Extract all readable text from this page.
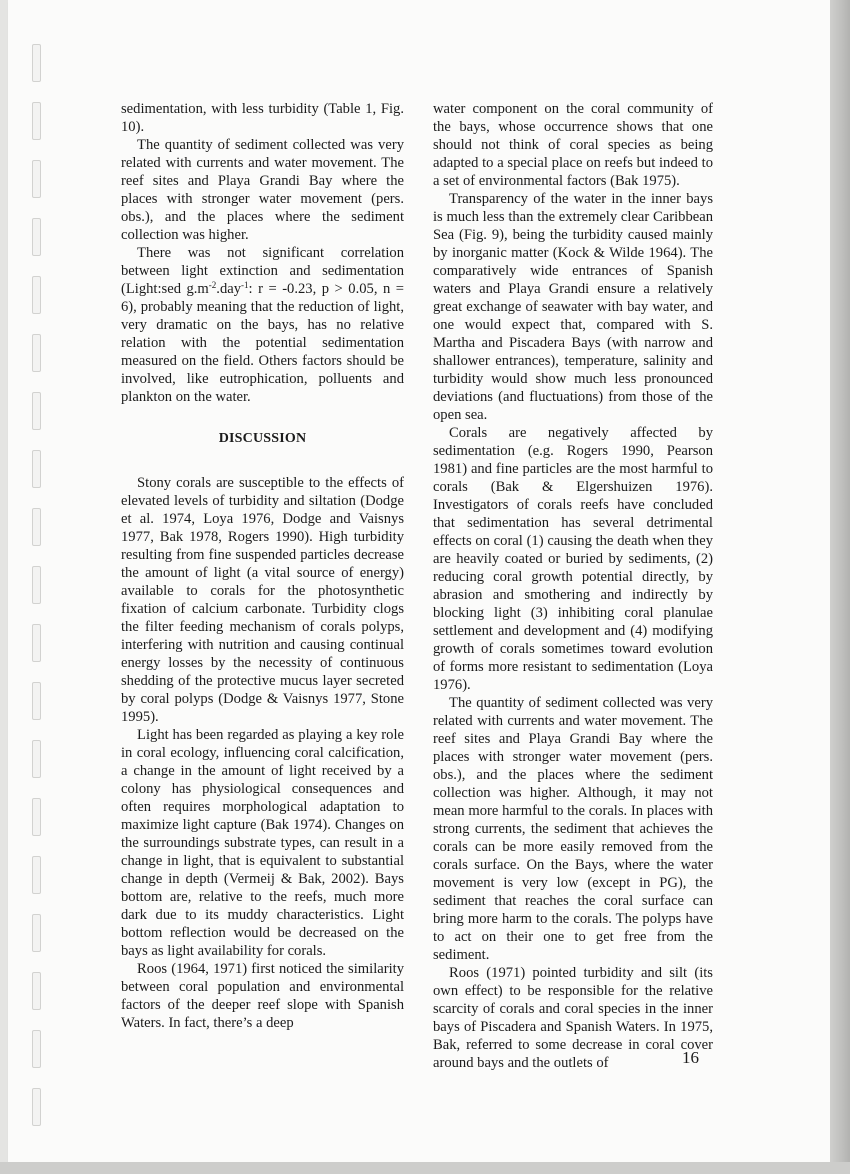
sedimentation, with less turbidity (Table 1, Fig. 10).

The quantity of sediment collected was very related with currents and water movement. The reef sites and Playa Grandi Bay where the places with stronger water movement (pers. obs.), and the places where the sediment collection was higher.

There was not significant correlation between light extinction and sedimentation (Light:sed $g.m^{-2}.day^{-1}$: r = -0.23, p > 0.05, n = 6), probably meaning that the reduction of light, very dramatic on the bays, has no relative relation with the potential sedimentation measured on the field. Others factors should be involved, like eutrophication, polluents and plankton on the water.

DISCUSSION

Stony corals are susceptible to the effects of elevated levels of turbidity and siltation (Dodge et al. 1974, Loya 1976, Dodge and Vaisnys 1977, Bak 1978, Rogers 1990). High turbidity resulting from fine suspended particles decrease the amount of light (a vital source of energy) available to corals for the photosynthetic fixation of calcium carbonate. Turbidity clogs the filter feeding mechanism of corals polyps, interfering with nutrition and causing continual energy losses by the necessity of continuous shedding of the protective mucus layer secreted by coral polyps (Dodge & Vaisnys 1977, Stone 1995).

Light has been regarded as playing a key role in coral ecology, influencing coral calcification, a change in the amount of light received by a colony has physiological consequences and often requires morphological adaptation to maximize light capture (Bak 1974). Changes on the surroundings substrate types, can result in a change in light, that is equivalent to substantial change in depth (Vermeij & Bak, 2002). Bays bottom are, relative to the reefs, much more dark due to its muddy characteristics. Light bottom reflection would be decreased on the bays as light availability for corals.

Roos (1964, 1971) first noticed the similarity between coral population and environmental factors of the deeper reef slope with Spanish Waters. In fact, there’s a deep

water component on the coral community of the bays, whose occurrence shows that one should not think of coral species as being adapted to a special place on reefs but indeed to a set of environmental factors (Bak 1975).

Transparency of the water in the inner bays is much less than the extremely clear Caribbean Sea (Fig. 9), being the turbidity caused mainly by inorganic matter (Kock & Wilde 1964). The comparatively wide entrances of Spanish waters and Playa Grandi ensure a relatively great exchange of seawater with bay water, and one would expect that, compared with S. Martha and Piscadera Bays (with narrow and shallower entrances), temperature, salinity and turbidity would show much less pronounced deviations (and fluctuations) from those of the open sea.

Corals are negatively affected by sedimentation (e.g. Rogers 1990, Pearson 1981) and fine particles are the most harmful to corals (Bak & Elgershuizen 1976). Investigators of corals reefs have concluded that sedimentation has several detrimental effects on coral (1) causing the death when they are heavily coated or buried by sediments, (2) reducing coral growth potential directly, by abrasion and smothering and indirectly by blocking light (3) inhibiting coral planulae settlement and development and (4) modifying growth of corals sometimes toward evolution of forms more resistant to sedimentation (Loya 1976).

The quantity of sediment collected was very related with currents and water movement. The reef sites and Playa Grandi Bay where the places with stronger water movement (pers. obs.), and the places where the sediment collection was higher. Although, it may not mean more harmful to the corals. In places with strong currents, the sediment that achieves the corals can be more easily removed from the corals surface. On the Bays, where the water movement is very low (except in PG), the sediment that reaches the coral surface can bring more harm to the corals. The polyps have to act on their one to get free from the sediment.

Roos (1971) pointed turbidity and silt (its own effect) to be responsible for the relative scarcity of corals and coral species in the inner bays of Piscadera and Spanish Waters. In 1975, Bak, referred to some decrease in coral cover around bays and the outlets of	16
